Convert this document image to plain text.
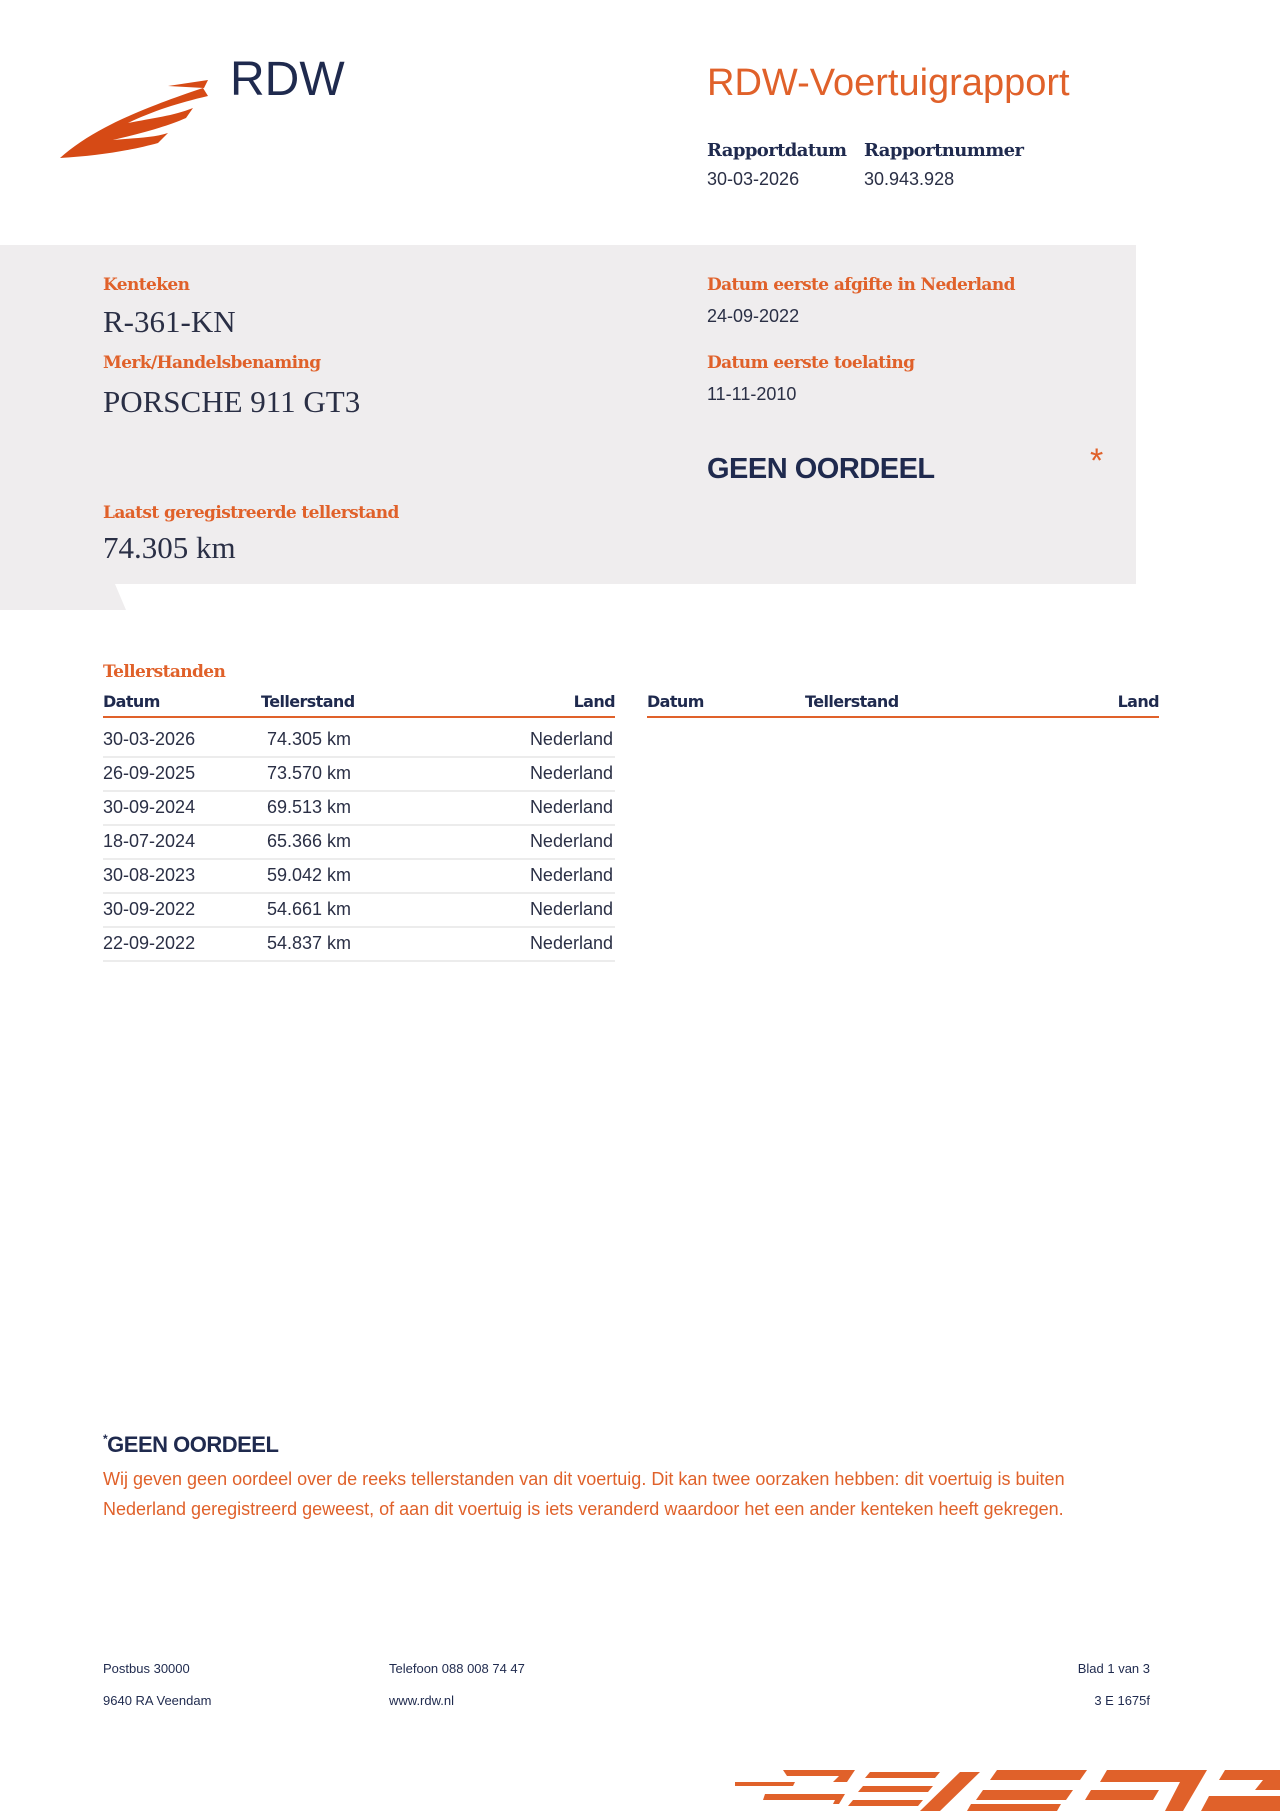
RDW	RDW-Voertuigrapport
Rapportdatum
30-03-2026
Rapportnummer
30.943.928
Kenteken
R-361-KN
Merk/Handelsbenaming
PORSCHE 911 GT3
Laatst geregistreerde tellerstand
74.305 km
Datum eerste afgifte in Nederland
24-09-2022
Datum eerste toelating
11-11-2010
GEEN OORDEEL	*
Tellerstanden
Datum	Tellerstand	Land
30-03-2026	74.305 km	Nederland
26-09-2025	73.570 km	Nederland
30-09-2024	69.513 km	Nederland
18-07-2024	65.366 km	Nederland
30-08-2023	59.042 km	Nederland
30-09-2022	54.661 km	Nederland
22-09-2022	54.837 km	Nederland
Datum	Tellerstand	Land
*GEEN OORDEEL
Wij geven geen oordeel over de reeks tellerstanden van dit voertuig. Dit kan twee oorzaken hebben: dit voertuig is buiten Nederland geregistreerd geweest, of aan dit voertuig is iets veranderd waardoor het een ander kenteken heeft gekregen.
Postbus 30000
9640 RA Veendam
Telefoon 088 008 74 47
www.rdw.nl
Blad 1 van 3
3 E 1675f
